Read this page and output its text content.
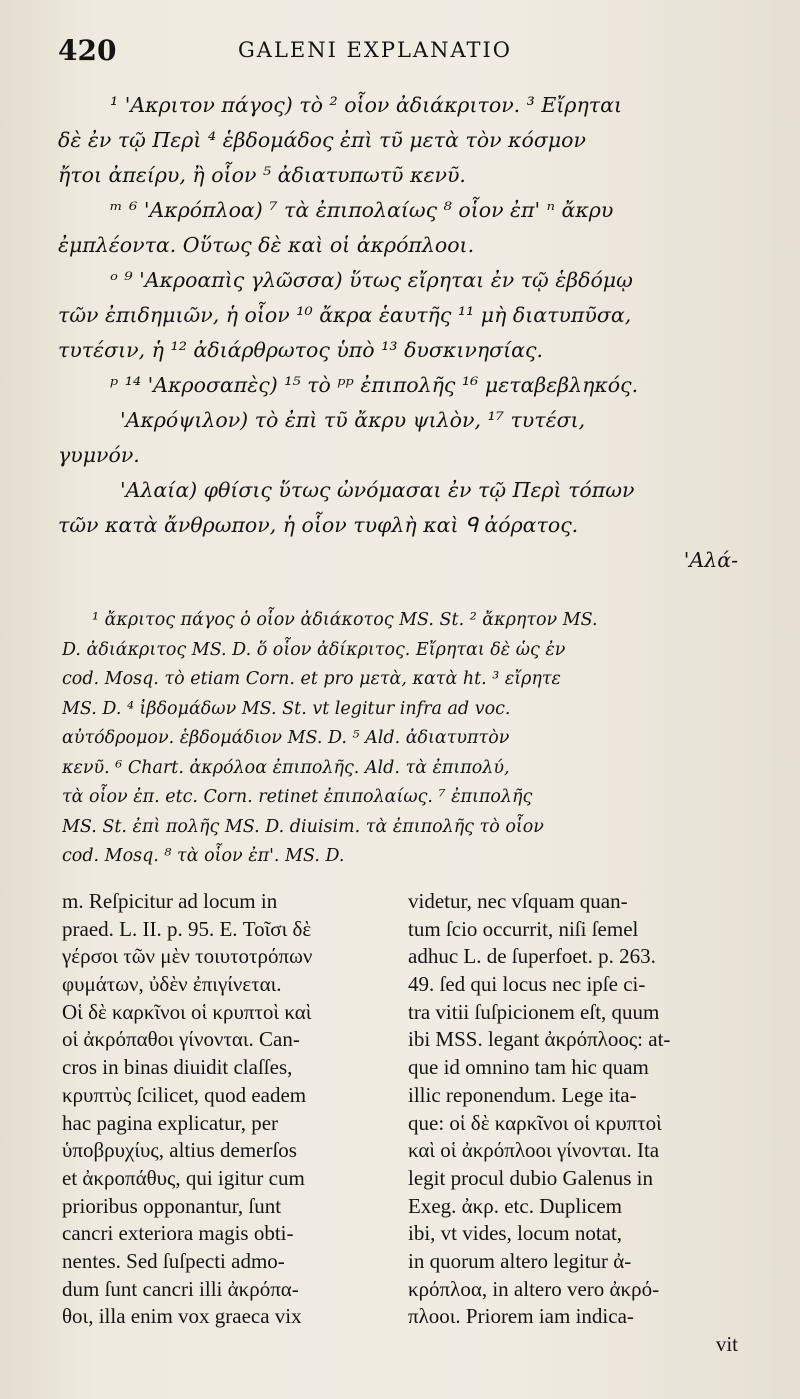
420	GALENI EXPLANATIO
¹ 'Ακριτον πάγος) τὸ ² οἷον ἀδιάκριτον. ³ Εἴρηται
δὲ ἐν τῷ Περὶ ⁴ ἑβδομάδος ἐπὶ τῦ μετὰ τὸν κόσμον
ἤτοι ἀπείρυ, ἢ οἷον ⁵ ἀδιατυπωτῦ κενῦ.
ᵐ ⁶ 'Ακρόπλοα) ⁷ τὰ ἐπιπολαίως ⁸ οἷον ἐπ' ⁿ ἄκρυ
ἐμπλέοντα. Οὕτως δὲ καὶ οἱ ἀκρόπλοοι.
ᵒ ⁹ 'Ακροαπὶς γλῶσσα) ὕτως εἴρηται ἐν τῷ ἑβδόμῳ
τῶν ἐπιδημιῶν, ἡ οἷον ¹⁰ ἄκρα ἑαυτῆς ¹¹ μὴ διατυπῦσα,
τυτέσιν, ἡ ¹² ἀδιάρθρωτος ὑπὸ ¹³ δυσκινησίας.
ᵖ ¹⁴ 'Ακροσαπὲς) ¹⁵ τὸ ᵖᵖ ἐπιπολῆς ¹⁶ μεταβεβληκός.
'Ακρόψιλον) τὸ ἐπὶ τῦ ἄκρυ ψιλὸν, ¹⁷ τυτέσι,
γυμνόν.
'Αλαία) φθίσις ὕτως ὠνόμασαι ἐν τῷ Περὶ τόπων
τῶν κατὰ ἄνθρωπον, ἡ οἷον τυφλὴ καὶ ᑫ ἀόρατος.
'Αλά-
¹ ἄκριτος πάγος ὁ οἷον ἀδιάκοτος MS. St. ² ἄκρητον MS.
D. ἀδιάκριτος MS. D. ὅ οἷον ἀδίκριτος. Εἴρηται δὲ ὡς ἐν
cod. Mosq. τὸ etiam Corn. et pro μετὰ, κατὰ ht. ³ εἴρητε
MS. D. ⁴ ἰβδομάδων MS. St. vt legitur infra ad voc.
αὐτόδρομον. ἑβδομάδιον MS. D. ⁵ Ald. ἀδιατυπτὸν
κενῦ. ⁶ Chart. ἀκρόλοα ἐπιπολῆς. Ald. τὰ ἐπιπολύ,
τὰ οἷον ἐπ. etc. Corn. retinet ἐπιπολαίως. ⁷ ἐπιπολῆς
MS. St. ἐπὶ πολῆς MS. D. diuisim. τὰ ἐπιπολῆς τὸ οἷον
cod. Mosq. ⁸ τὰ οἷον ἐπ'. MS. D.
m. Reſpicitur ad locum in
praed. L. II. p. 95. E. Τοῖσι δὲ
γέρσοι τῶν μὲν τοιυτοτρόπων
φυμάτων, ὐδὲν ἐπιγίνεται.
Οἱ δὲ καρκῖνοι οἱ κρυπτοὶ καὶ
οἱ ἀκρόπαθοι γίνονται. Can-
cros in binas diuidit claſſes,
κρυπτὺς ſcilicet, quod eadem
hac pagina explicatur, per
ὑποβρυχίυς, altius demerſos
et ἀκροπάθυς, qui igitur cum
prioribus opponantur, ſunt
cancri exteriora magis obti-
nentes. Sed ſuſpecti admo-
dum ſunt cancri illi ἀκρόπα-
θοι, illa enim vox graeca vix
videtur, nec vſquam quan-
tum ſcio occurrit, niſi ſemel
adhuc L. de ſuperfoet. p. 263.
49. ſed qui locus nec ipſe ci-
tra vitii ſuſpicionem eſt, quum
ibi MSS. legant ἀκρόπλοος: at-
que id omnino tam hic quam
illic reponendum. Lege ita-
que: οἱ δὲ καρκῖνοι οἱ κρυπτοὶ
καὶ οἱ ἀκρόπλοοι γίνονται. Ita
legit procul dubio Galenus in
Exeg. ἀκρ. etc. Duplicem
ibi, vt vides, locum notat,
in quorum altero legitur ἀ-
κρόπλοα, in altero vero ἀκρό-
πλοοι. Priorem iam indica-
vit
